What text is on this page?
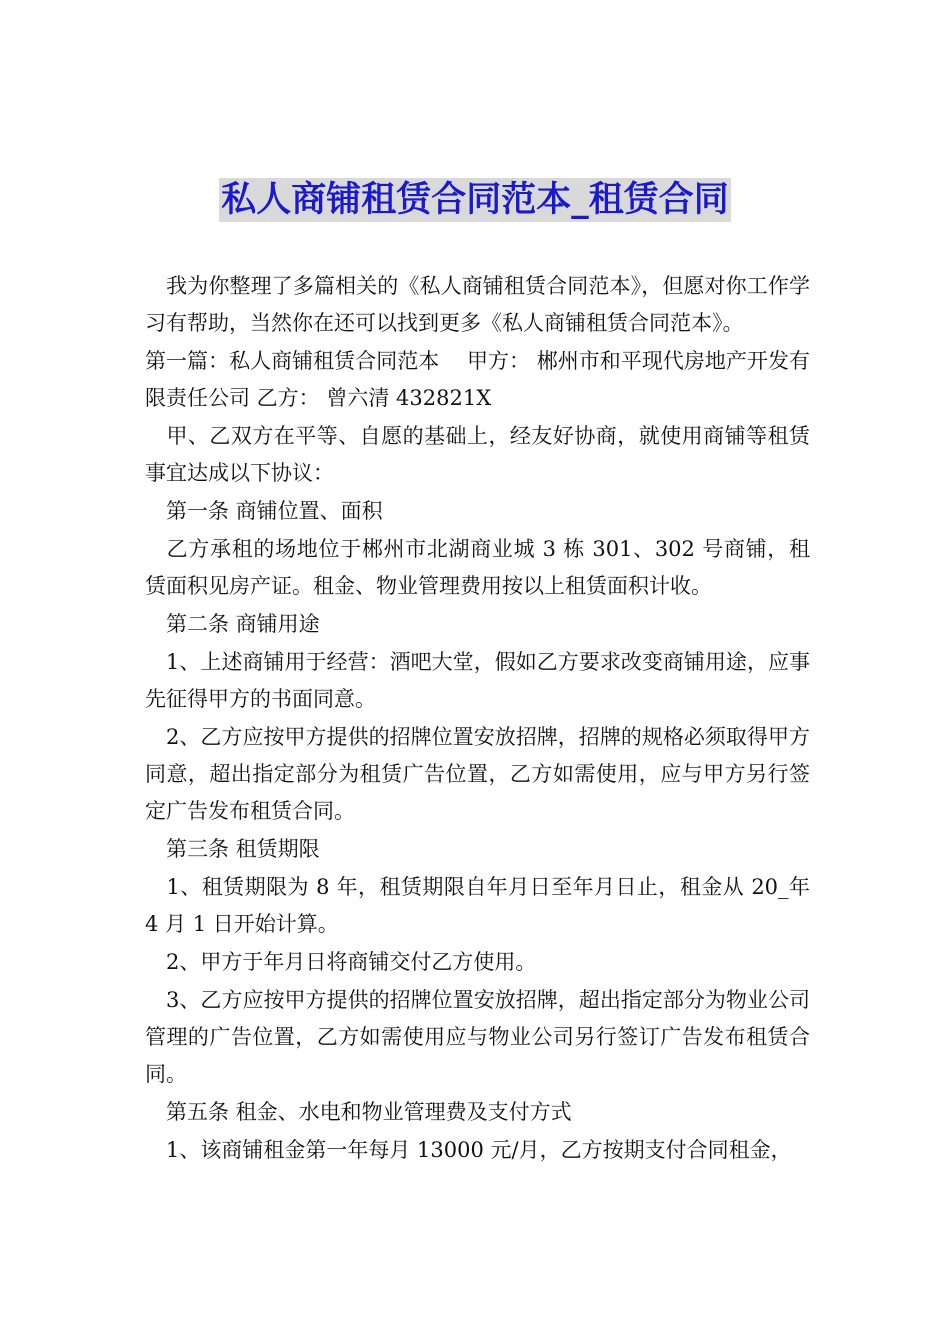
私人商铺租赁合同范本_租赁合同

　我为你整理了多篇相关的《私人商铺租赁合同范本》，但愿对你工作学习有帮助，当然你在还可以找到更多《私人商铺租赁合同范本》。

第一篇：私人商铺租赁合同范本　 甲方： 郴州市和平现代房地产开发有限责任公司 乙方： 曾六清 432821X

　甲、乙双方在平等、自愿的基础上，经友好协商，就使用商铺等租赁事宜达成以下协议：

　第一条 商铺位置、面积

　乙方承租的场地位于郴州市北湖商业城 3 栋 301、302 号商铺，租赁面积见房产证。租金、物业管理费用按以上租赁面积计收。

　第二条 商铺用途

　1、上述商铺用于经营：酒吧大堂，假如乙方要求改变商铺用途，应事先征得甲方的书面同意。

　2、乙方应按甲方提供的招牌位置安放招牌，招牌的规格必须取得甲方同意，超出指定部分为租赁广告位置，乙方如需使用，应与甲方另行签定广告发布租赁合同。

　第三条 租赁期限

　1、租赁期限为 8 年，租赁期限自年月日至年月日止，租金从 20_年 4 月 1 日开始计算。

　2、甲方于年月日将商铺交付乙方使用。

　3、乙方应按甲方提供的招牌位置安放招牌，超出指定部分为物业公司管理的广告位置，乙方如需使用应与物业公司另行签订广告发布租赁合同。

　第五条 租金、水电和物业管理费及支付方式

　1、该商铺租金第一年每月 13000 元/月，乙方按期支付合同租金，
